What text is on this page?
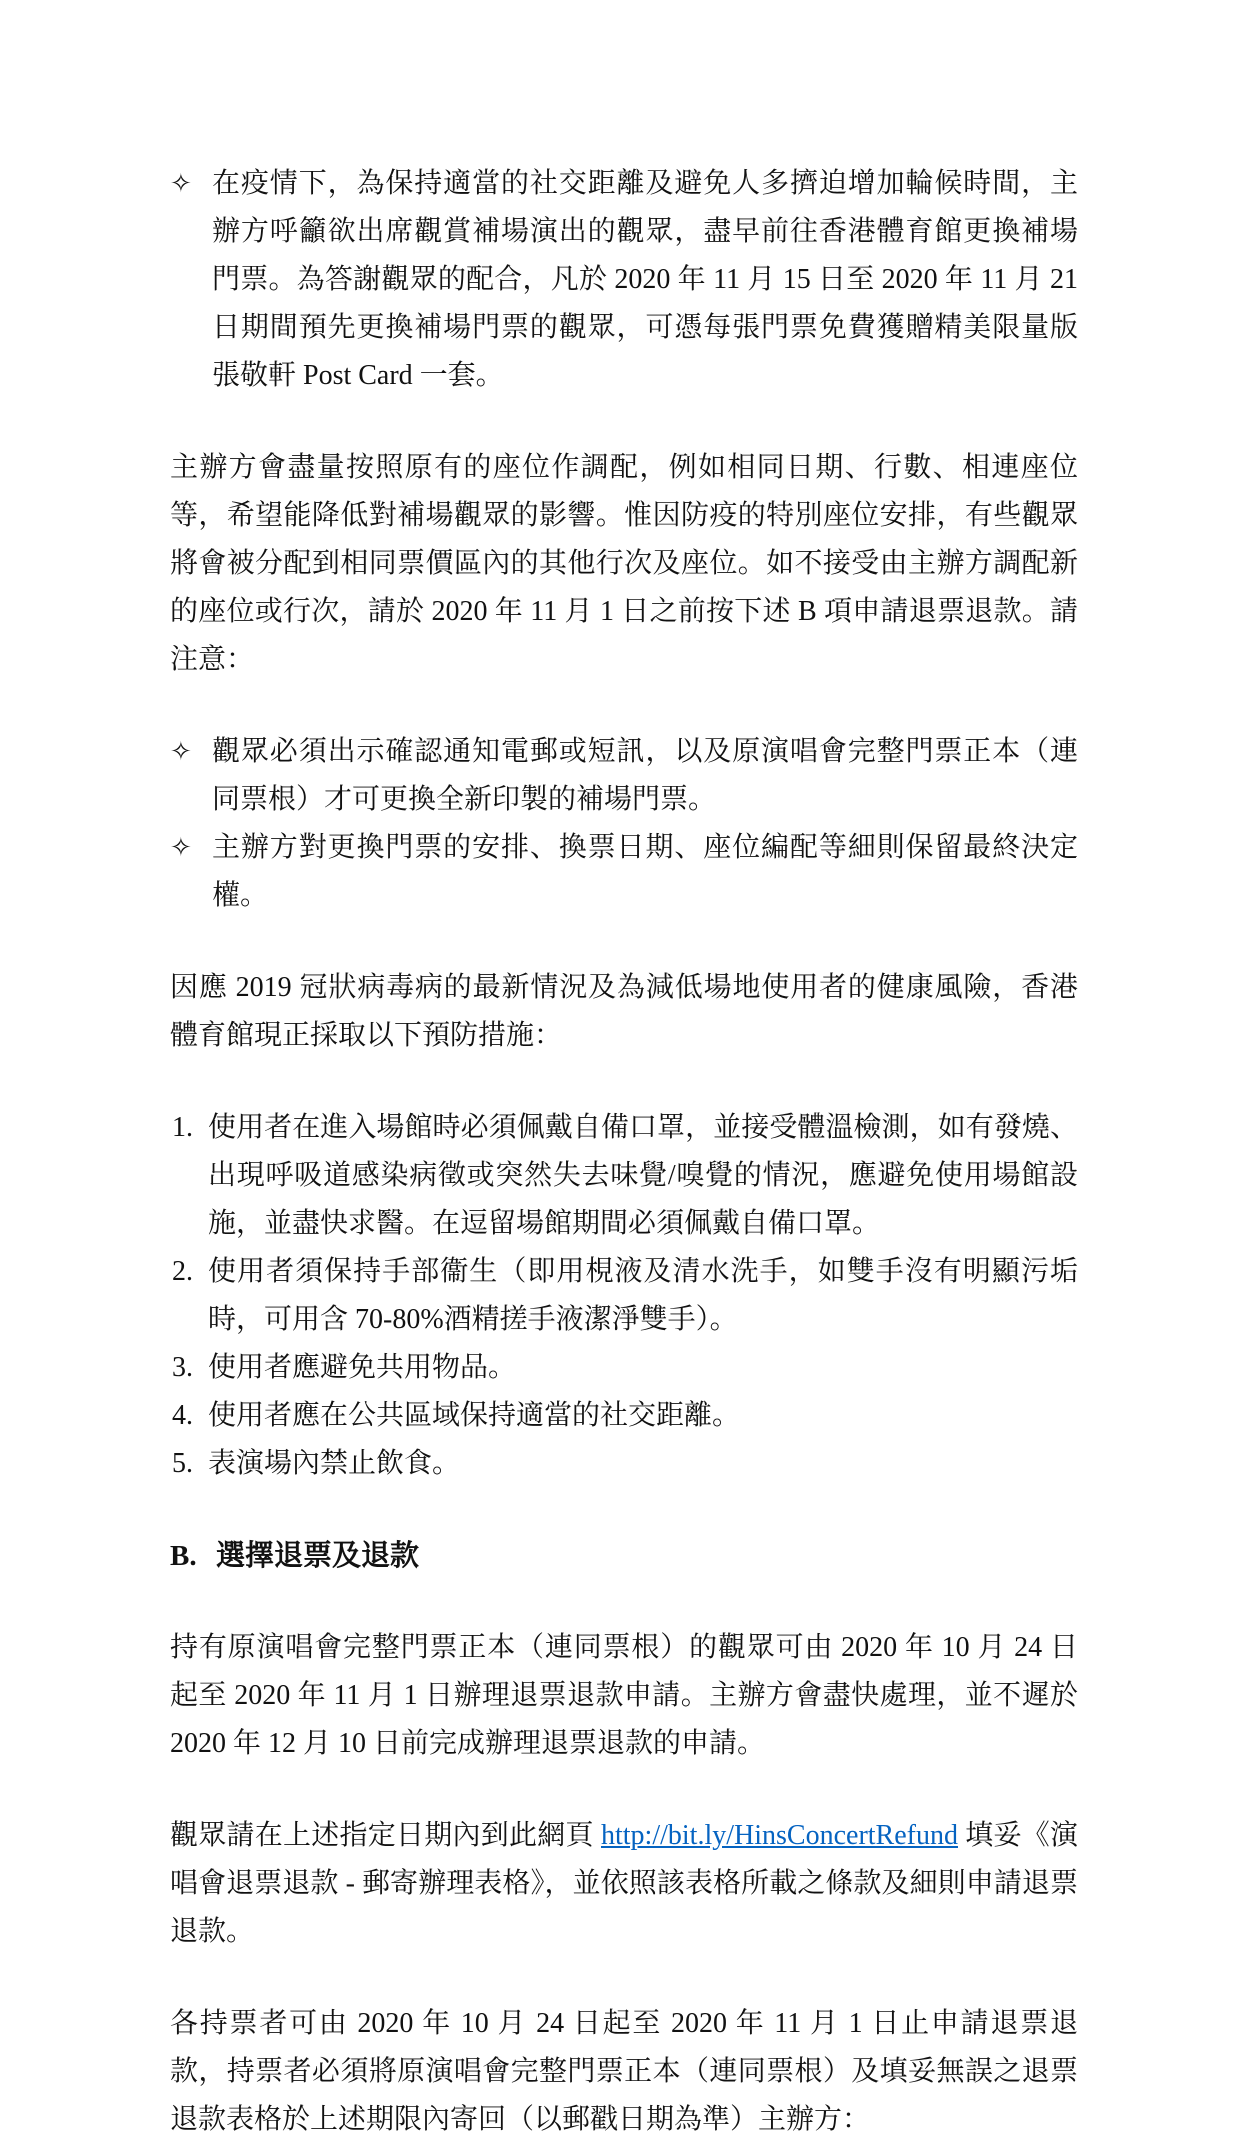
✧ 在疫情下，為保持適當的社交距離及避免人多擠迫增加輪候時間，主辦方呼籲欲出席觀賞補場演出的觀眾，盡早前往香港體育館更換補場門票。為答謝觀眾的配合，凡於 2020 年 11 月 15 日至 2020 年 11 月 21 日期間預先更換補場門票的觀眾，可憑每張門票免費獲贈精美限量版張敬軒 Post Card 一套。

主辦方會盡量按照原有的座位作調配，例如相同日期、行數、相連座位等，希望能降低對補場觀眾的影響。惟因防疫的特別座位安排，有些觀眾將會被分配到相同票價區內的其他行次及座位。如不接受由主辦方調配新的座位或行次，請於 2020 年 11 月 1 日之前按下述 B 項申請退票退款。請注意：

✧ 觀眾必須出示確認通知電郵或短訊，以及原演唱會完整門票正本（連同票根）才可更換全新印製的補場門票。
✧ 主辦方對更換門票的安排、換票日期、座位編配等細則保留最終決定權。

因應 2019 冠狀病毒病的最新情況及為減低場地使用者的健康風險，香港體育館現正採取以下預防措施：

1. 使用者在進入場館時必須佩戴自備口罩，並接受體溫檢測，如有發燒、出現呼吸道感染病徵或突然失去味覺/嗅覺的情況，應避免使用場館設施，並盡快求醫。在逗留場館期間必須佩戴自備口罩。
2. 使用者須保持手部衞生（即用梘液及清水洗手，如雙手沒有明顯污垢時，可用含 70-80%酒精搓手液潔淨雙手）。
3. 使用者應避免共用物品。
4. 使用者應在公共區域保持適當的社交距離。
5. 表演場內禁止飲食。
B. 選擇退票及退款

持有原演唱會完整門票正本（連同票根）的觀眾可由 2020 年 10 月 24 日起至 2020 年 11 月 1 日辦理退票退款申請。主辦方會盡快處理，並不遲於 2020 年 12 月 10 日前完成辦理退票退款的申請。

觀眾請在上述指定日期內到此網頁 http://bit.ly/HinsConcertRefund 填妥《演唱會退票退款 - 郵寄辦理表格》，並依照該表格所載之條款及細則申請退票退款。

各持票者可由 2020 年 10 月 24 日起至 2020 年 11 月 1 日止申請退票退款，持票者必須將原演唱會完整門票正本（連同票根）及填妥無誤之退票退款表格於上述期限內寄回（以郵戳日期為準）主辦方：
